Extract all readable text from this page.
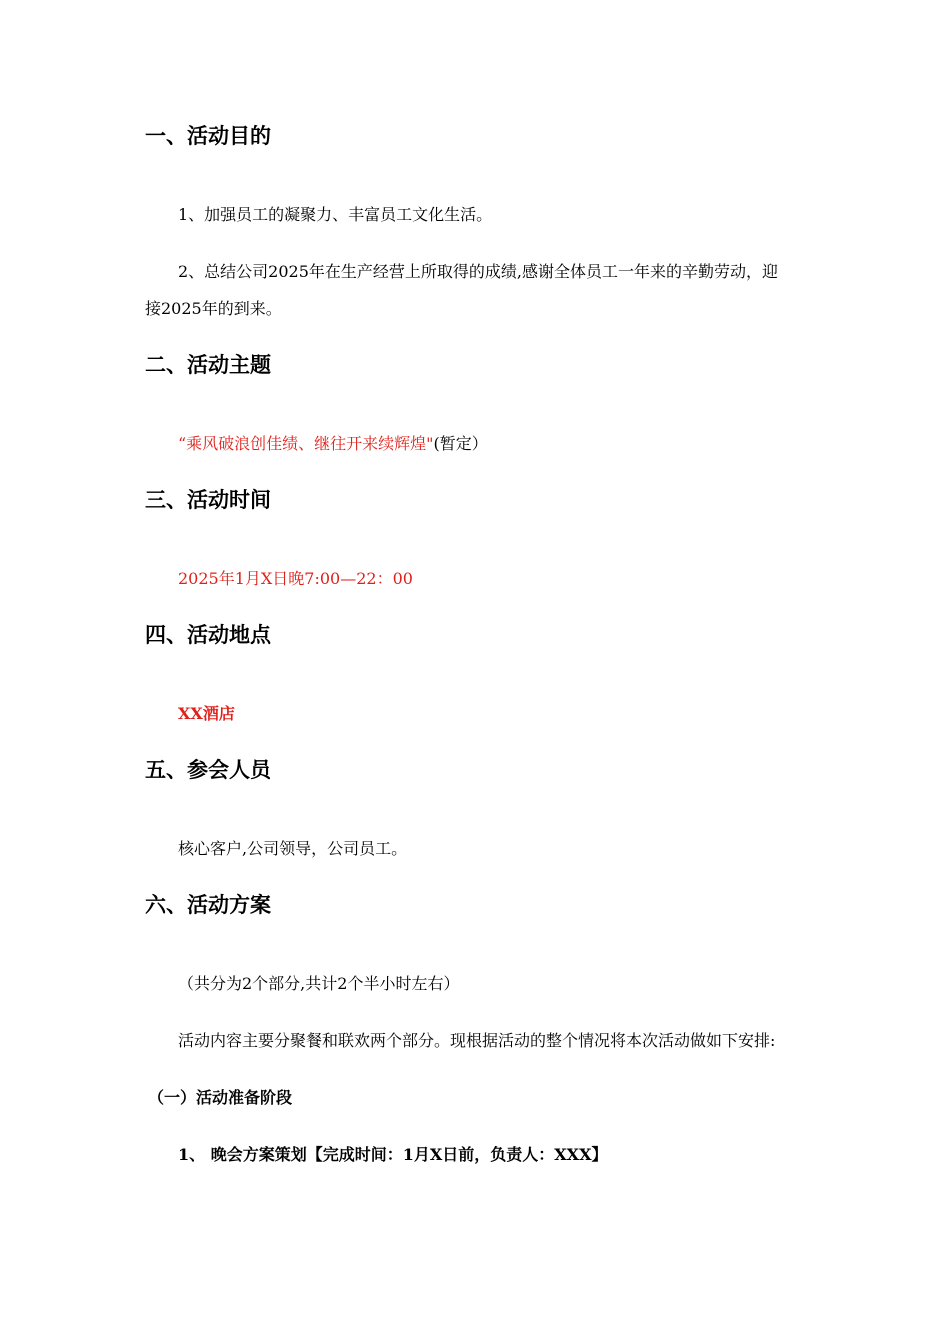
一、活动目的
1、加强员工的凝聚力、丰富员工文化生活。
2、总结公司2025年在生产经营上所取得的成绩,感谢全体员工一年来的辛勤劳动，迎
接2025年的到来。
二、活动主题
“乘风破浪创佳绩、继往开来续辉煌"(暂定）
三、活动时间
2025年1月X日晚7:00—22：00
四、活动地点
XX酒店
五、参会人员
核心客户,公司领导，公司员工。
六、活动方案
（共分为2个部分,共计2个半小时左右）
活动内容主要分聚餐和联欢两个部分。现根据活动的整个情况将本次活动做如下安排:
（一）活动准备阶段
1、 晚会方案策划【完成时间：1月X日前，负责人：XXX】
